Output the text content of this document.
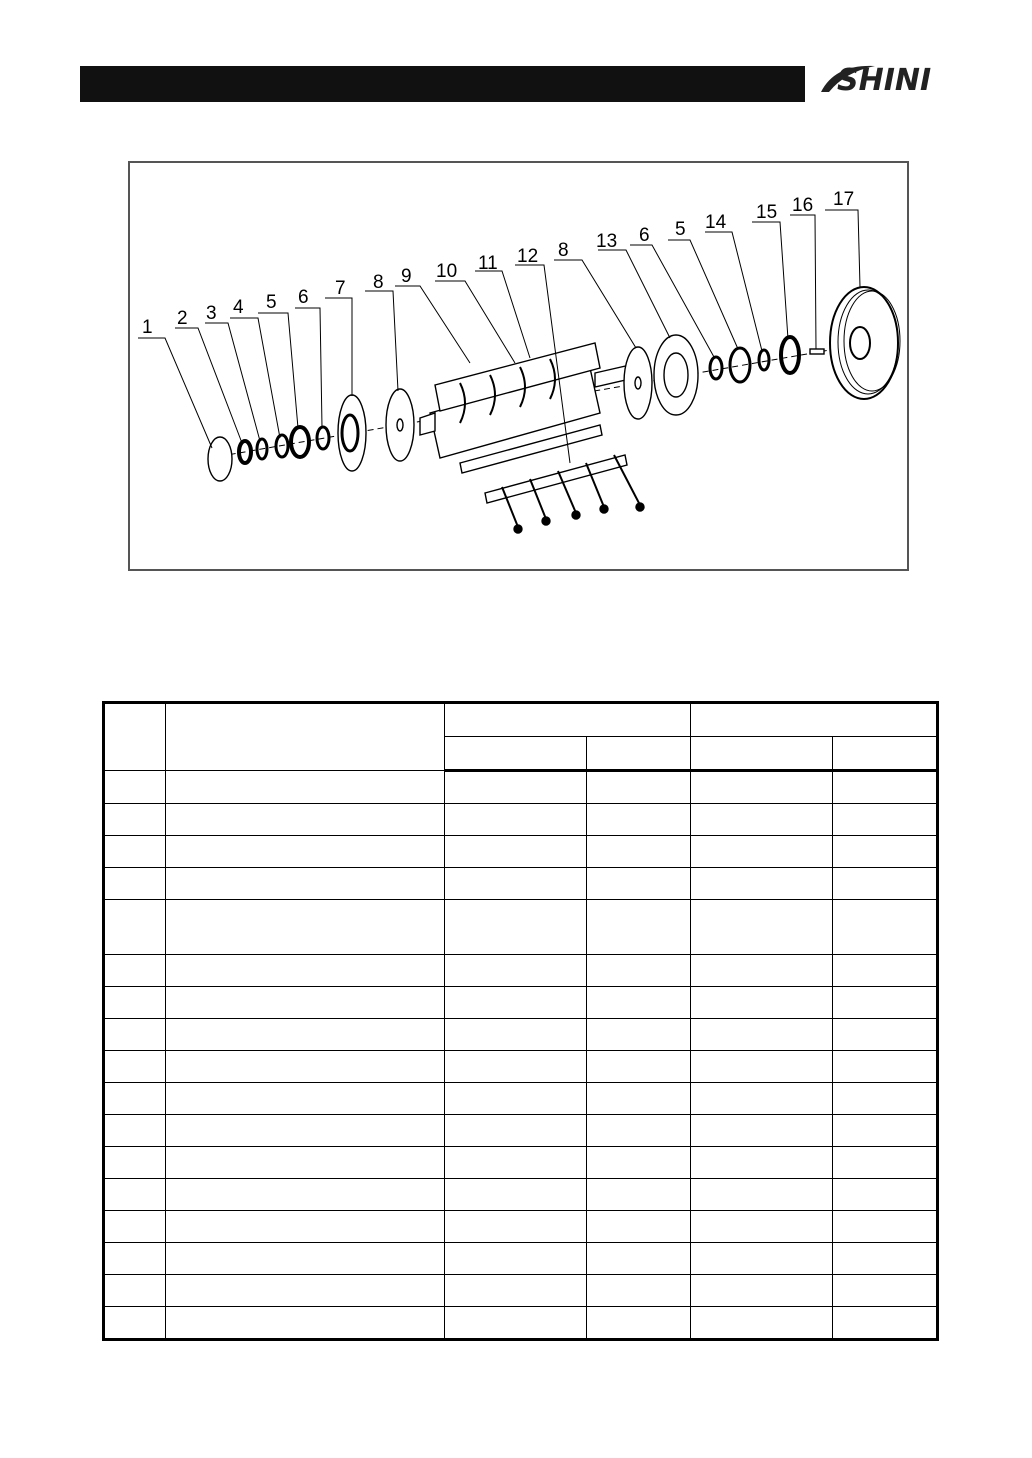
SHINI
1 2 3 4 5 6 7 8 9 10 11 12 8 13 6 5 14 15 16 17
